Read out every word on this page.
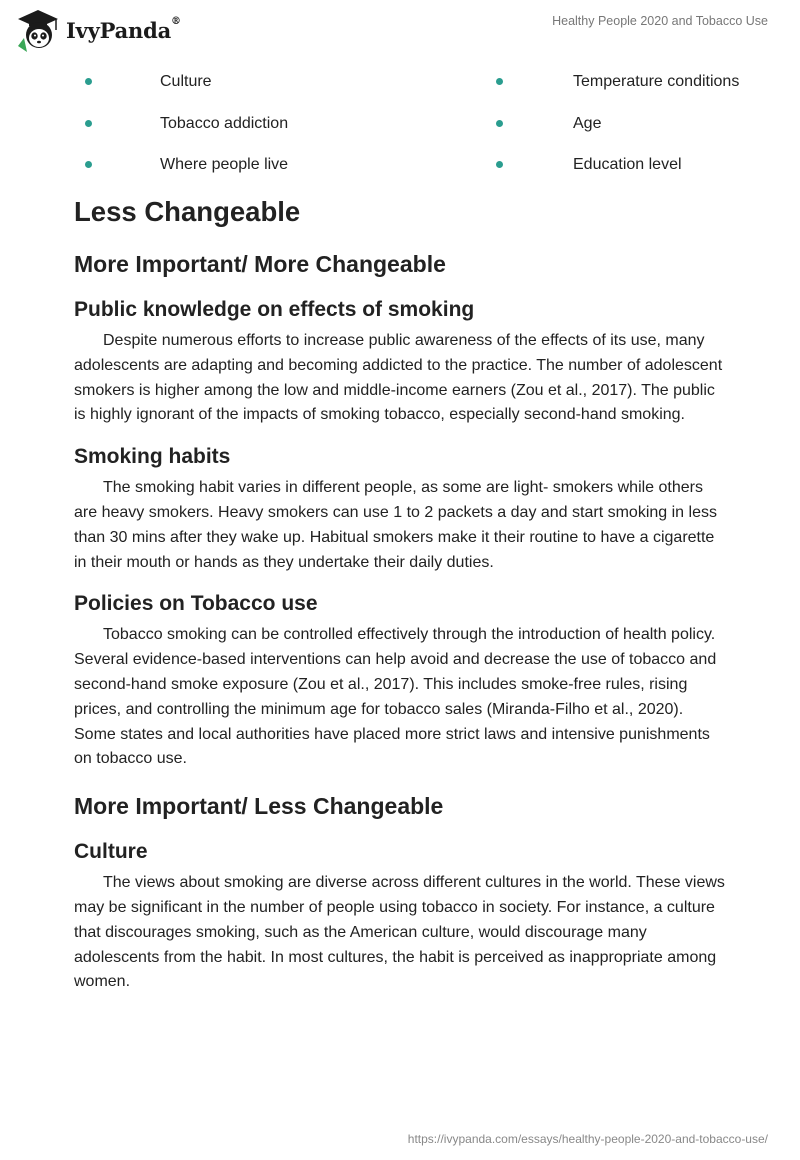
IvyPanda®	Healthy People 2020 and Tobacco Use
Culture	Temperature conditions
Tobacco addiction	Age
Where people live	Education level
Less Changeable
More Important/ More Changeable
Public knowledge on effects of smoking

Despite numerous efforts to increase public awareness of the effects of its use, many adolescents are adapting and becoming addicted to the practice. The number of adolescent smokers is higher among the low and middle-income earners (Zou et al., 2017). The public is highly ignorant of the impacts of smoking tobacco, especially second-hand smoking.

Smoking habits

The smoking habit varies in different people, as some are light- smokers while others are heavy smokers. Heavy smokers can use 1 to 2 packets a day and start smoking in less than 30 mins after they wake up. Habitual smokers make it their routine to have a cigarette in their mouth or hands as they undertake their daily duties.

Policies on Tobacco use

Tobacco smoking can be controlled effectively through the introduction of health policy. Several evidence-based interventions can help avoid and decrease the use of tobacco and second-hand smoke exposure (Zou et al., 2017). This includes smoke-free rules, rising prices, and controlling the minimum age for tobacco sales (Miranda-Filho et al., 2020). Some states and local authorities have placed more strict laws and intensive punishments on tobacco use.

More Important/ Less Changeable
Culture

The views about smoking are diverse across different cultures in the world. These views may be significant in the number of people using tobacco in society. For instance, a culture that discourages smoking, such as the American culture, would discourage many adolescents from the habit. In most cultures, the habit is perceived as inappropriate among women.

https://ivypanda.com/essays/healthy-people-2020-and-tobacco-use/
